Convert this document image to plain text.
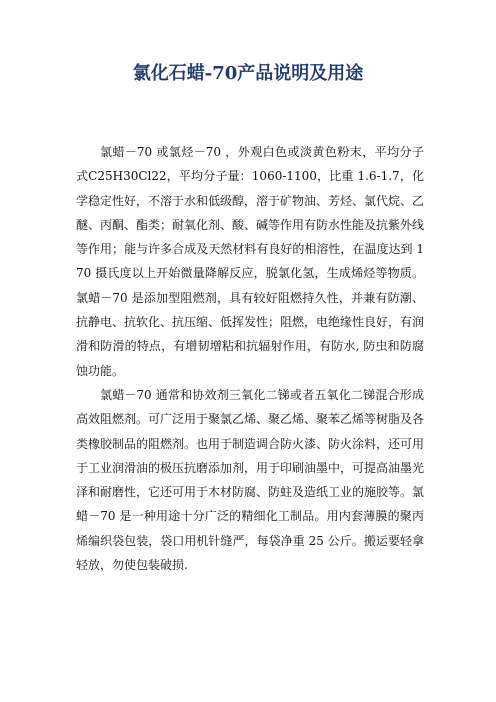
氯化石蜡-70产品说明及用途

氯蜡－70 或氯烃－70 ，外观白色或淡黄色粉末，平均分子式C25H30Cl22，平均分子量：1060-1100，比重 1.6-1.7，化学稳定性好，不溶于水和低级醇，溶于矿物油、芳烃、氯代烷、乙醚、丙酮、酯类；耐氧化剂、酸、碱等作用有防水性能及抗紫外线等作用；能与许多合成及天然材料有良好的相溶性，在温度达到 170 摄氏度以上开始微量降解反应，脱氯化氢，生成烯烃等物质。氯蜡－70 是添加型阻燃剂，具有较好阻燃持久性，并兼有防潮、抗静电、抗软化、抗压缩、低挥发性；阻燃，电绝缘性良好，有润滑和防滑的特点，有增韧增粘和抗辐射作用，有防水, 防虫和防腐蚀功能。

氯蜡－70 通常和协效剂三氧化二锑或者五氧化二锑混合形成高效阻燃剂。可广泛用于聚氯乙烯、聚乙烯、聚苯乙烯等树脂及各类橡胶制品的阻燃剂。也用于制造调合防火漆、防火涂料，还可用于工业润滑油的极压抗磨添加剂，用于印刷油墨中，可提高油墨光泽和耐磨性，它还可用于木材防腐、防蛀及造纸工业的施胶等。氯蜡－70 是一种用途十分广泛的精细化工制品。用内套薄膜的聚丙烯编织袋包装，袋口用机针缝严，每袋净重 25 公斤。搬运要轻拿轻放，勿使包装破损.
